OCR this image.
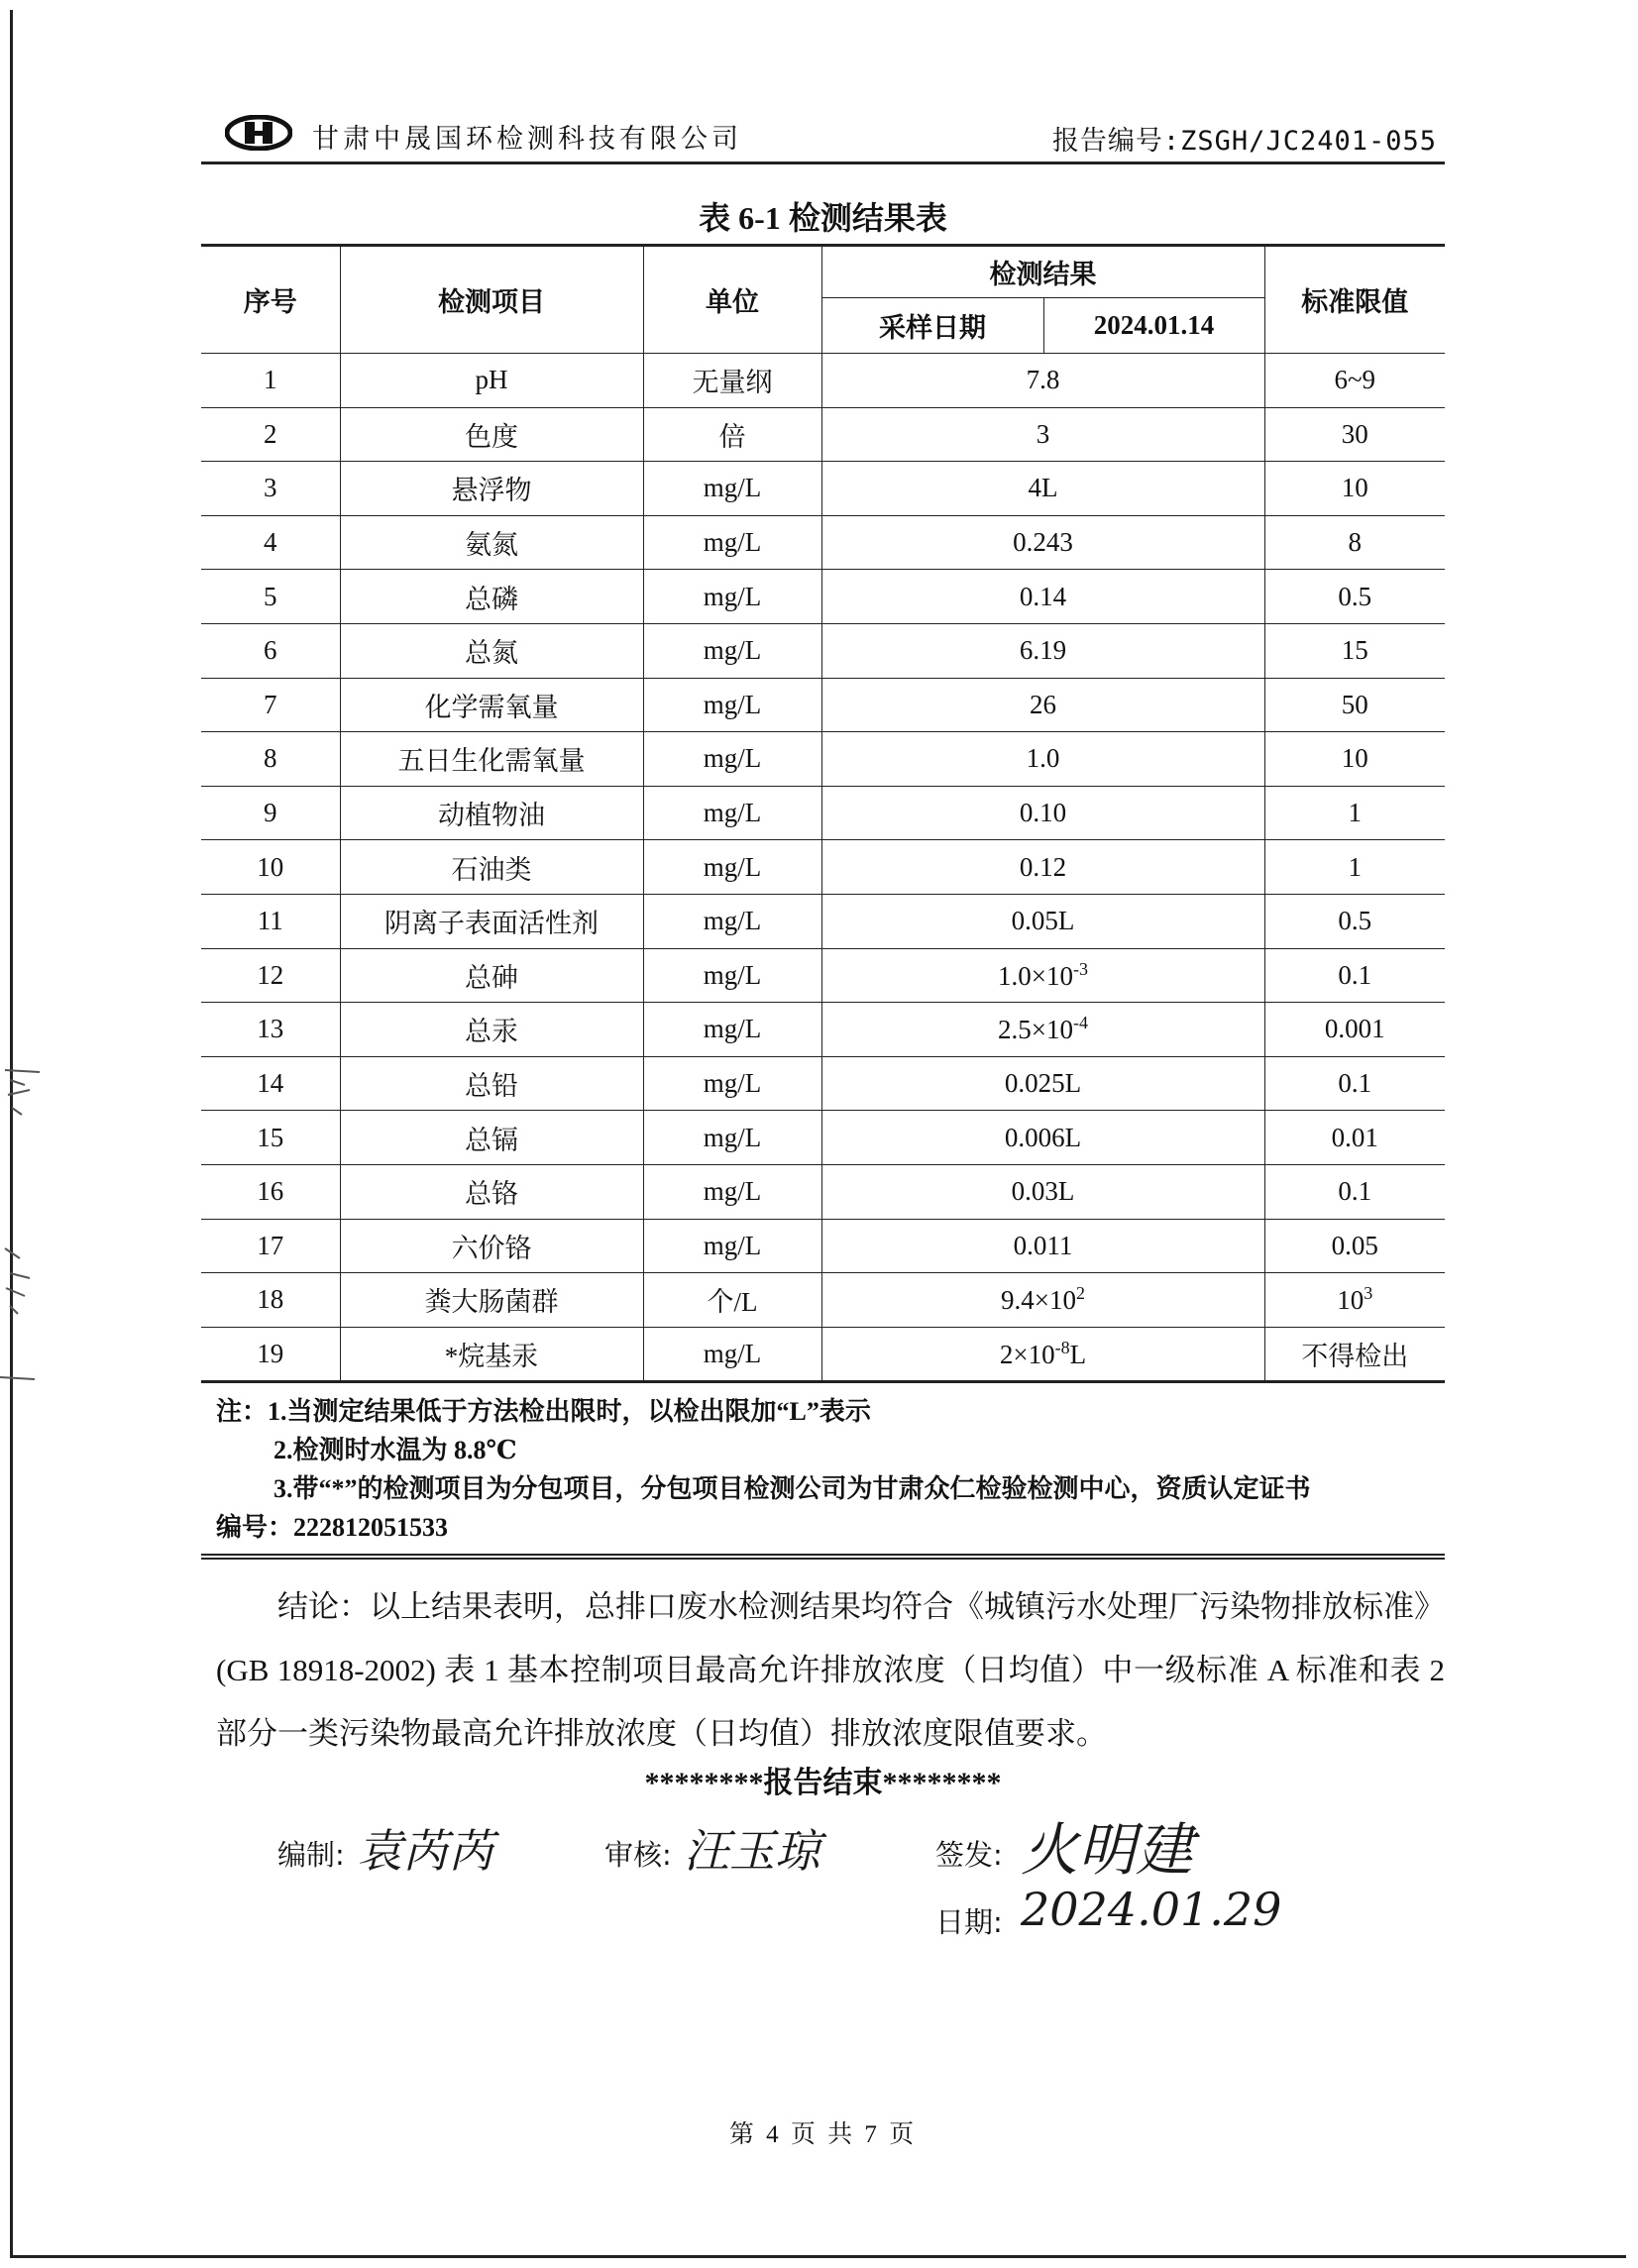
甘肃中晟国环检测科技有限公司	报告编号:ZSGH/JC2401-055
表 6-1 检测结果表
序号	检测项目	单位	检测结果		标准限值
			采样日期	2024.01.14	
1	pH	无量纲	7.8		6~9
2	色度	倍	3		30
3	悬浮物	mg/L	4L		10
4	氨氮	mg/L	0.243		8
5	总磷	mg/L	0.14		0.5
6	总氮	mg/L	6.19		15
7	化学需氧量	mg/L	26		50
8	五日生化需氧量	mg/L	1.0		10
9	动植物油	mg/L	0.10		1
10	石油类	mg/L	0.12		1
11	阴离子表面活性剂	mg/L	0.05L		0.5
12	总砷	mg/L	$1.0\times 10^{-3}$		0.1
13	总汞	mg/L	$2.5\times 10^{-4}$		0.001
14	总铅	mg/L	0.025L		0.1
15	总镉	mg/L	0.006L		0.01
16	总铬	mg/L	0.03L		0.1
17	六价铬	mg/L	0.011		0.05
18	粪大肠菌群	个/L	$9.4\times 10^2$		$10^3$
19	*烷基汞	mg/L	$2\times 10^{-8}L$		不得检出
注：1.当测定结果低于方法检出限时，以检出限加“L”表示
2.检测时水温为 8.8℃
3.带“*”的检测项目为分包项目，分包项目检测公司为甘肃众仁检验检测中心，资质认定证书
编号：222812051533
结论：以上结果表明，总排口废水检测结果均符合《城镇污水处理厂污染物排放标准》(GB 18918-2002) 表 1 基本控制项目最高允许排放浓度（日均值）中一级标准 A 标准和表 2 部分一类污染物最高允许排放浓度（日均值）排放浓度限值要求。
********报告结束********
编制: 袁芮芮	审核: 汪玉琼	签发: 火明建
日期: 2024.01.29
第 4 页 共 7 页
